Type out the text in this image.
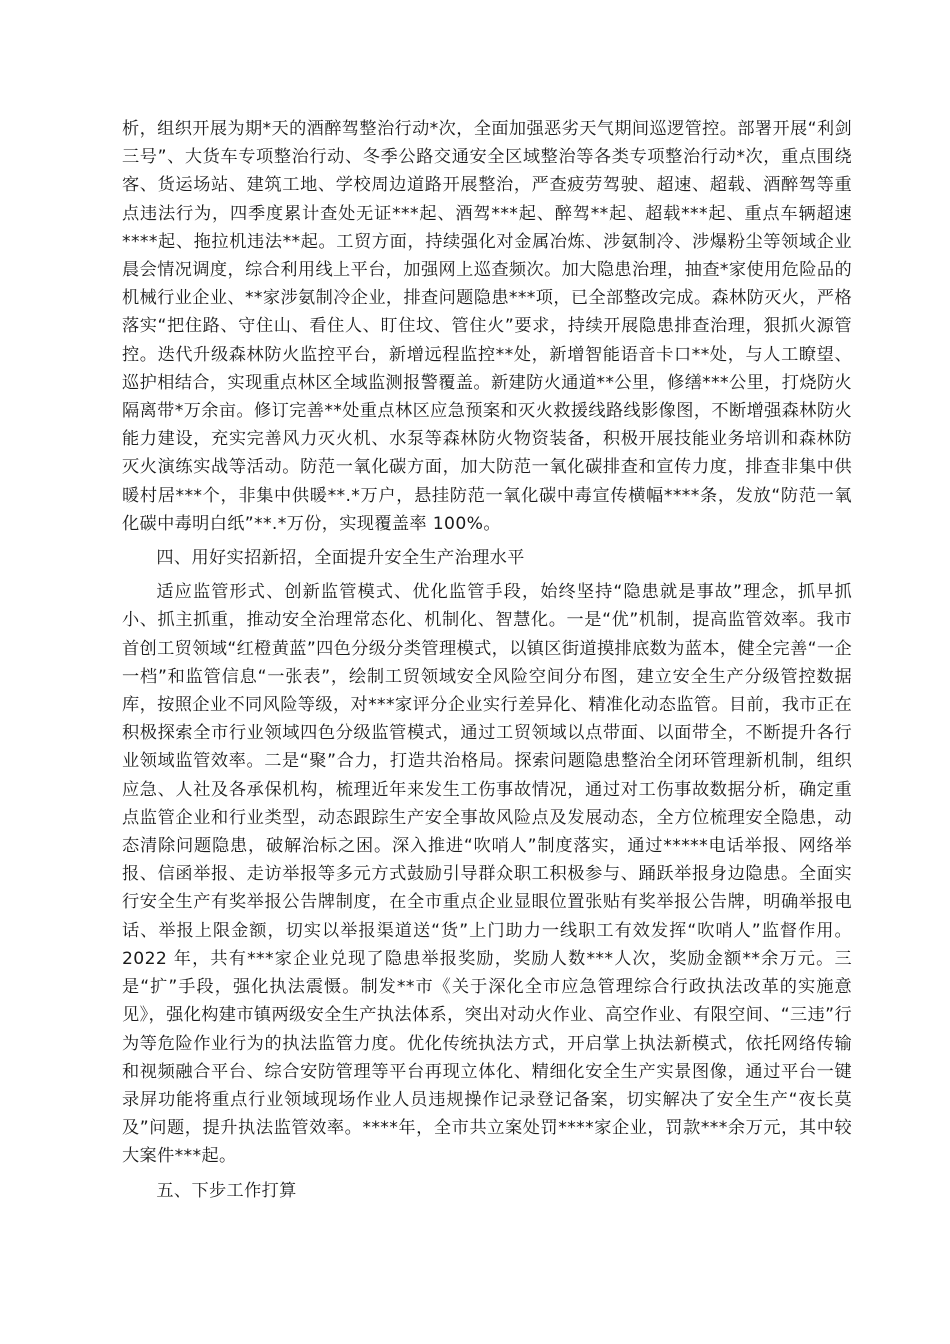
析，组织开展为期*天的酒醉驾整治行动*次，全面加强恶劣天气期间巡逻管控。部署开展“利剑三号”、大货车专项整治行动、冬季公路交通安全区域整治等各类专项整治行动*次，重点围绕客、货运场站、建筑工地、学校周边道路开展整治，严查疲劳驾驶、超速、超载、酒醉驾等重点违法行为，四季度累计查处无证***起、酒驾***起、醉驾**起、超载***起、重点车辆超速****起、拖拉机违法**起。工贸方面，持续强化对金属冶炼、涉氨制冷、涉爆粉尘等领域企业晨会情况调度，综合利用线上平台，加强网上巡查频次。加大隐患治理，抽查*家使用危险品的机械行业企业、**家涉氨制冷企业，排查问题隐患***项，已全部整改完成。森林防灭火，严格落实“把住路、守住山、看住人、盯住坟、管住火”要求，持续开展隐患排查治理，狠抓火源管控。迭代升级森林防火监控平台，新增远程监控**处，新增智能语音卡口**处，与人工瞭望、巡护相结合，实现重点林区全域监测报警覆盖。新建防火通道**公里，修缮***公里，打烧防火隔离带*万余亩。修订完善**处重点林区应急预案和灭火救援线路线影像图，不断增强森林防火能力建设，充实完善风力灭火机、水泵等森林防火物资装备，积极开展技能业务培训和森林防灭火演练实战等活动。防范一氧化碳方面，加大防范一氧化碳排查和宣传力度，排查非集中供暖村居***个，非集中供暖**.*万户，悬挂防范一氧化碳中毒宣传横幅****条，发放“防范一氧化碳中毒明白纸”**.*万份，实现覆盖率 100%。

四、用好实招新招，全面提升安全生产治理水平

适应监管形式、创新监管模式、优化监管手段，始终坚持“隐患就是事故”理念，抓早抓小、抓主抓重，推动安全治理常态化、机制化、智慧化。一是“优”机制，提高监管效率。我市首创工贸领域“红橙黄蓝”四色分级分类管理模式，以镇区街道摸排底数为蓝本，健全完善“一企一档”和监管信息“一张表”，绘制工贸领域安全风险空间分布图，建立安全生产分级管控数据库，按照企业不同风险等级，对***家评分企业实行差异化、精准化动态监管。目前，我市正在积极探索全市行业领域四色分级监管模式，通过工贸领域以点带面、以面带全，不断提升各行业领域监管效率。二是“聚”合力，打造共治格局。探索问题隐患整治全闭环管理新机制，组织应急、人社及各承保机构，梳理近年来发生工伤事故情况，通过对工伤事故数据分析，确定重点监管企业和行业类型，动态跟踪生产安全事故风险点及发展动态，全方位梳理安全隐患，动态清除问题隐患，破解治标之困。深入推进“吹哨人”制度落实，通过*****电话举报、网络举报、信函举报、走访举报等多元方式鼓励引导群众职工积极参与、踊跃举报身边隐患。全面实行安全生产有奖举报公告牌制度，在全市重点企业显眼位置张贴有奖举报公告牌，明确举报电话、举报上限金额，切实以举报渠道送“货”上门助力一线职工有效发挥“吹哨人”监督作用。2022 年，共有***家企业兑现了隐患举报奖励，奖励人数***人次，奖励金额**余万元。三是“扩”手段，强化执法震慑。制发**市《关于深化全市应急管理综合行政执法改革的实施意见》，强化构建市镇两级安全生产执法体系，突出对动火作业、高空作业、有限空间、“三违”行为等危险作业行为的执法监管力度。优化传统执法方式，开启掌上执法新模式，依托网络传输和视频融合平台、综合安防管理等平台再现立体化、精细化安全生产实景图像，通过平台一键录屏功能将重点行业领域现场作业人员违规操作记录登记备案，切实解决了安全生产“夜长莫及”问题，提升执法监管效率。****年，全市共立案处罚****家企业，罚款***余万元，其中较大案件***起。

五、下步工作打算
